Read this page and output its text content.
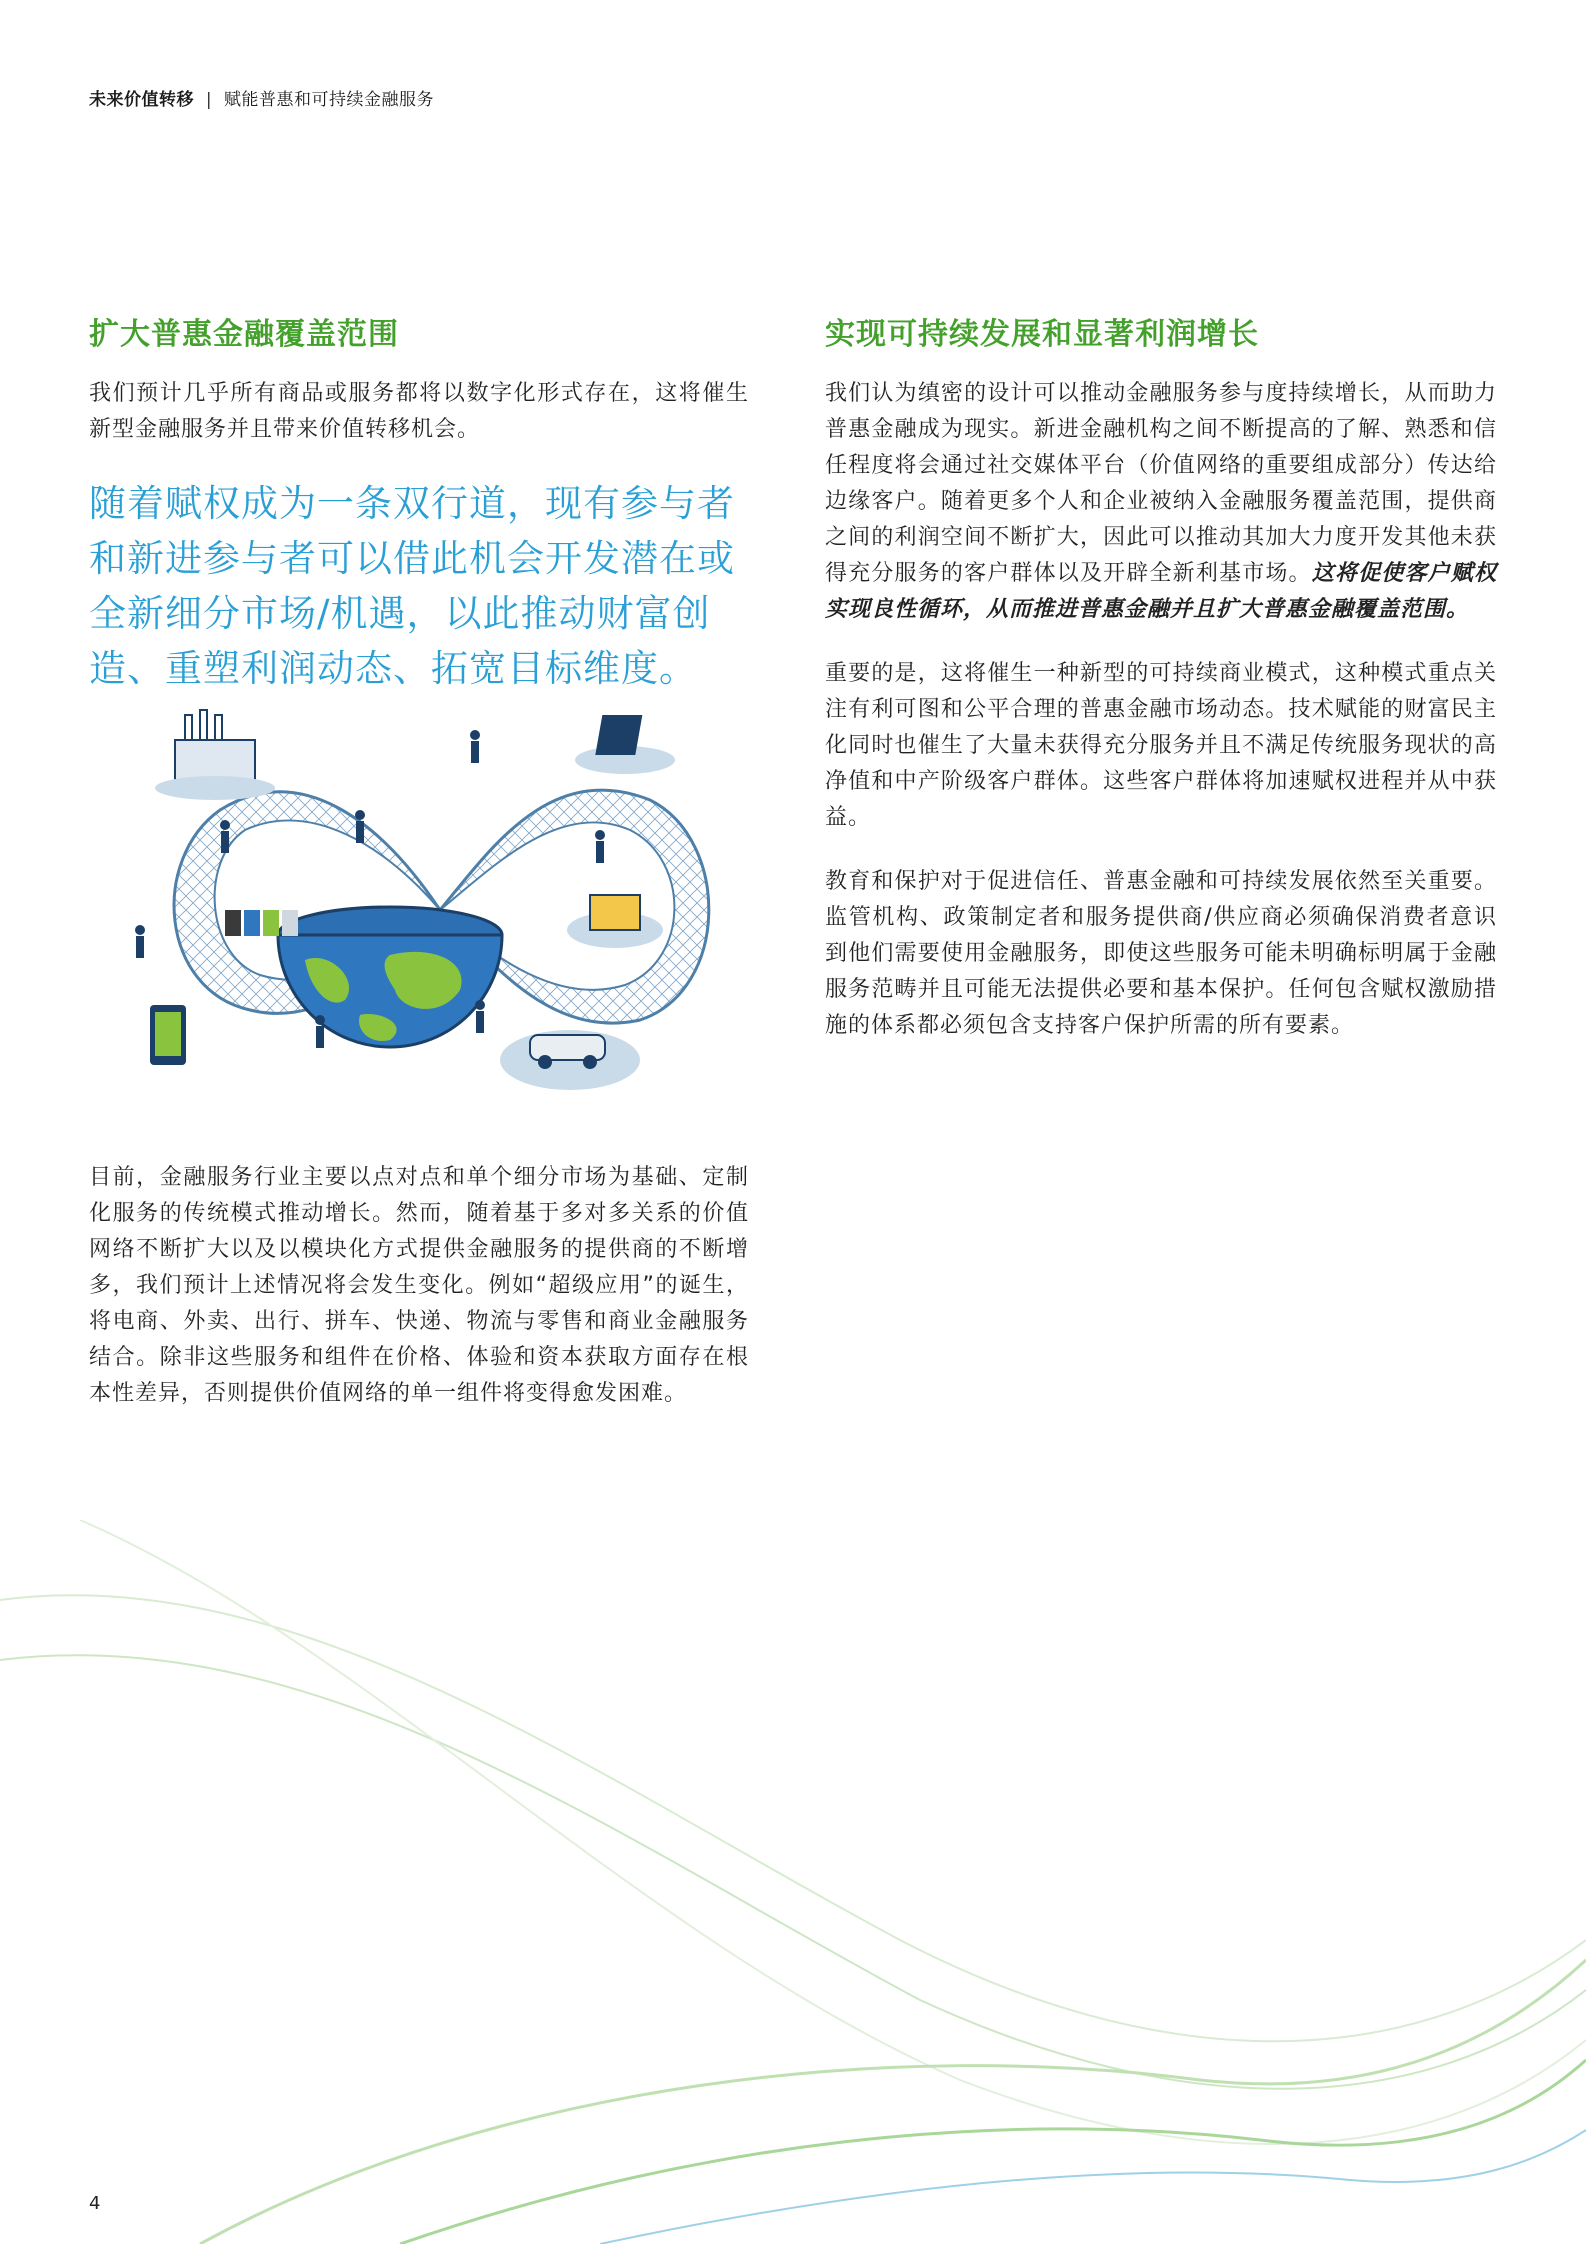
未来价值转移 | 赋能普惠和可持续金融服务
扩大普惠金融覆盖范围

我们预计几乎所有商品或服务都将以数字化形式存在，这将催生新型金融服务并且带来价值转移机会。

随着赋权成为一条双行道，现有参与者和新进参与者可以借此机会开发潜在或全新细分市场/机遇，以此推动财富创造、重塑利润动态、拓宽目标维度。

目前，金融服务行业主要以点对点和单个细分市场为基础、定制化服务的传统模式推动增长。然而，随着基于多对多关系的价值网络不断扩大以及以模块化方式提供金融服务的提供商的不断增多，我们预计上述情况将会发生变化。例如“超级应用”的诞生，将电商、外卖、出行、拼车、快递、物流与零售和商业金融服务结合。除非这些服务和组件在价格、体验和资本获取方面存在根本性差异，否则提供价值网络的单一组件将变得愈发困难。

实现可持续发展和显著利润增长

我们认为缜密的设计可以推动金融服务参与度持续增长，从而助力普惠金融成为现实。新进金融机构之间不断提高的了解、熟悉和信任程度将会通过社交媒体平台（价值网络的重要组成部分）传达给边缘客户。随着更多个人和企业被纳入金融服务覆盖范围，提供商之间的利润空间不断扩大，因此可以推动其加大力度开发其他未获得充分服务的客户群体以及开辟全新利基市场。这将促使客户赋权实现良性循环，从而推进普惠金融并且扩大普惠金融覆盖范围。

重要的是，这将催生一种新型的可持续商业模式，这种模式重点关注有利可图和公平合理的普惠金融市场动态。技术赋能的财富民主化同时也催生了大量未获得充分服务并且不满足传统服务现状的高净值和中产阶级客户群体。这些客户群体将加速赋权进程并从中获益。

教育和保护对于促进信任、普惠金融和可持续发展依然至关重要。监管机构、政策制定者和服务提供商/供应商必须确保消费者意识到他们需要使用金融服务，即使这些服务可能未明确标明属于金融服务范畴并且可能无法提供必要和基本保护。任何包含赋权激励措施的体系都必须包含支持客户保护所需的所有要素。

4
